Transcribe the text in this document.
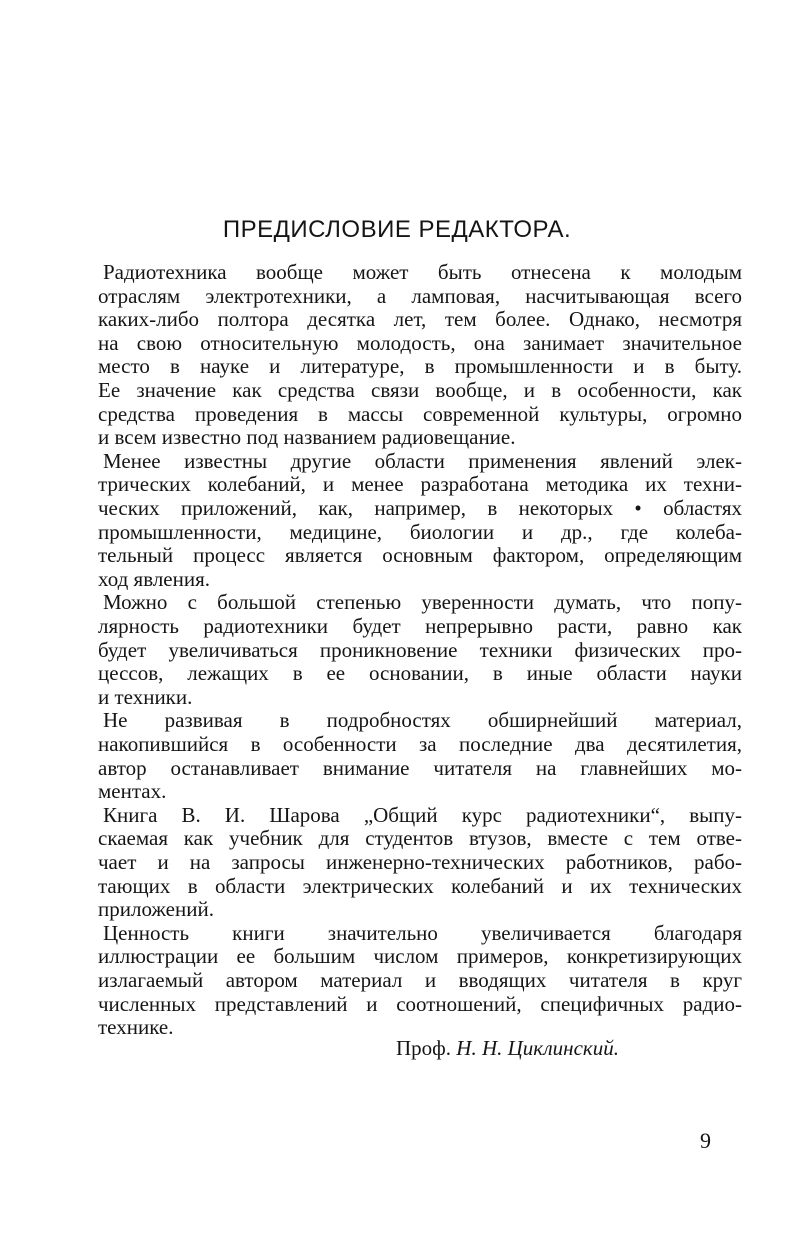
ПРЕДИСЛОВИЕ РЕДАКТОРА.
Радиотехника вообще может быть отнесена к молодым
отраслям электротехники, а ламповая, насчитывающая всего
каких-либо полтора десятка лет, тем более. Однако, несмотря
на свою относительную молодость, она занимает значительное
место в науке и литературе, в промышленности и в быту.
Ее значение как средства связи вообще, и в особенности, как
средства проведения в массы современной культуры, огромно
и всем известно под названием радиовещание.
Менее известны другие области применения явлений элек-
трических колебаний, и менее разработана методика их техни-
ческих приложений, как, например, в некоторых • областях
промышленности, медицине, биологии и др., где колеба-
тельный процесс является основным фактором, определяющим
ход явления.
Можно с большой степенью уверенности думать, что попу-
лярность радиотехники будет непрерывно расти, равно как
будет увеличиваться проникновение техники физических про-
цессов, лежащих в ее основании, в иные области науки
и техники.
Не развивая в подробностях обширнейший материал,
накопившийся в особенности за последние два десятилетия,
автор останавливает внимание читателя на главнейших мо-
ментах.
Книга В. И. Шарова „Общий курс радиотехники“, выпу-
скаемая как учебник для студентов втузов, вместе с тем отве-
чает и на запросы инженерно-технических работников, рабо-
тающих в области электрических колебаний и их технических
приложений.
Ценность книги значительно увеличивается благодаря
иллюстрации ее большим числом примеров, конкретизирующих
излагаемый автором материал и вводящих читателя в круг
численных представлений и соотношений, специфичных радио-
технике.
Проф. Н. Н. Циклинский.
9
